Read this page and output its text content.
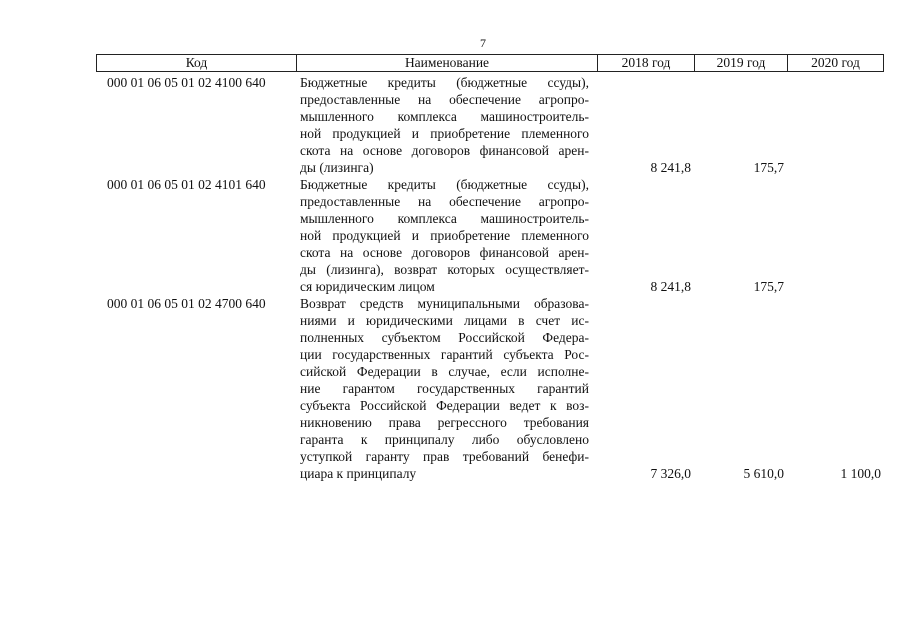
7
Код	Наименование	2018 год	2019 год	2020 год
000 01 06 05 01 02 4100 640	Бюджетные кредиты (бюджетные ссуды),
предоставленные на обеспечение агропро-
мышленного комплекса машиностроитель-
ной продукцией и приобретение племенного
скота на основе договоров финансовой арен-
ды (лизинга)	8 241,8	175,7
000 01 06 05 01 02 4101 640	Бюджетные кредиты (бюджетные ссуды),
предоставленные на обеспечение агропро-
мышленного комплекса машиностроитель-
ной продукцией и приобретение племенного
скота на основе договоров финансовой арен-
ды (лизинга), возврат которых осуществляет-
ся юридическим лицом	8 241,8	175,7
000 01 06 05 01 02 4700 640	Возврат средств муниципальными образова-
ниями и юридическими лицами в счет ис-
полненных субъектом Российской Федера-
ции государственных гарантий субъекта Рос-
сийской Федерации в случае, если исполне-
ние гарантом государственных гарантий
субъекта Российской Федерации ведет к воз-
никновению права регрессного требования
гаранта к принципалу либо обусловлено
уступкой гаранту прав требований бенефи-
циара к принципалу	7 326,0	5 610,0	1 100,0
